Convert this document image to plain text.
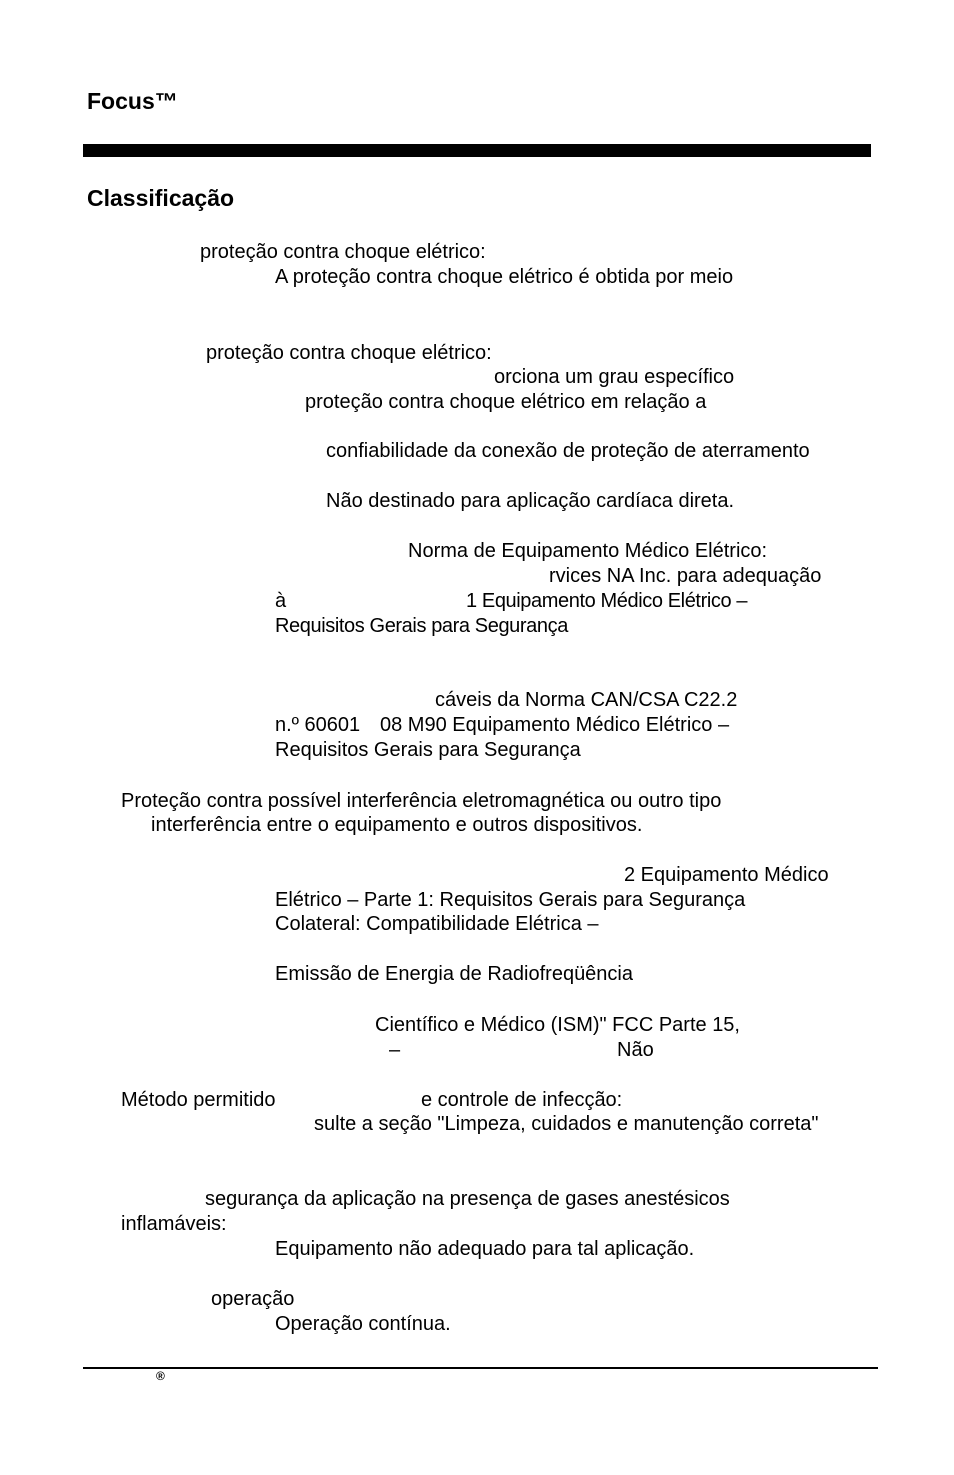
Focus™
Classificação
proteção contra choque elétrico:
A proteção contra choque elétrico é obtida por meio
proteção contra choque elétrico:
orciona um grau específico
proteção contra choque elétrico em relação a
confiabilidade da conexão de proteção de aterramento
Não destinado para aplicação cardíaca direta.
Norma de Equipamento Médico Elétrico:
rvices NA Inc. para adequação
à	1 Equipamento Médico Elétrico –
Requisitos Gerais para Segurança
cáveis da Norma CAN/CSA C22.2
n.º 60601 08 M90 Equipamento Médico Elétrico –
Requisitos Gerais para Segurança
Proteção contra possível interferência eletromagnética ou outro tipo
interferência entre o equipamento e outros dispositivos.
2 Equipamento Médico
Elétrico – Parte 1: Requisitos Gerais para Segurança
Colateral: Compatibilidade Elétrica –
Emissão de Energia de Radiofreqüência
Científico e Médico (ISM)" FCC Parte 15,
–	Não
Método permitido	e controle de infecção:
sulte a seção "Limpeza, cuidados e manutenção correta"
segurança da aplicação na presença de gases anestésicos
inflamáveis:
Equipamento não adequado para tal aplicação.
operação
Operação contínua.
®
